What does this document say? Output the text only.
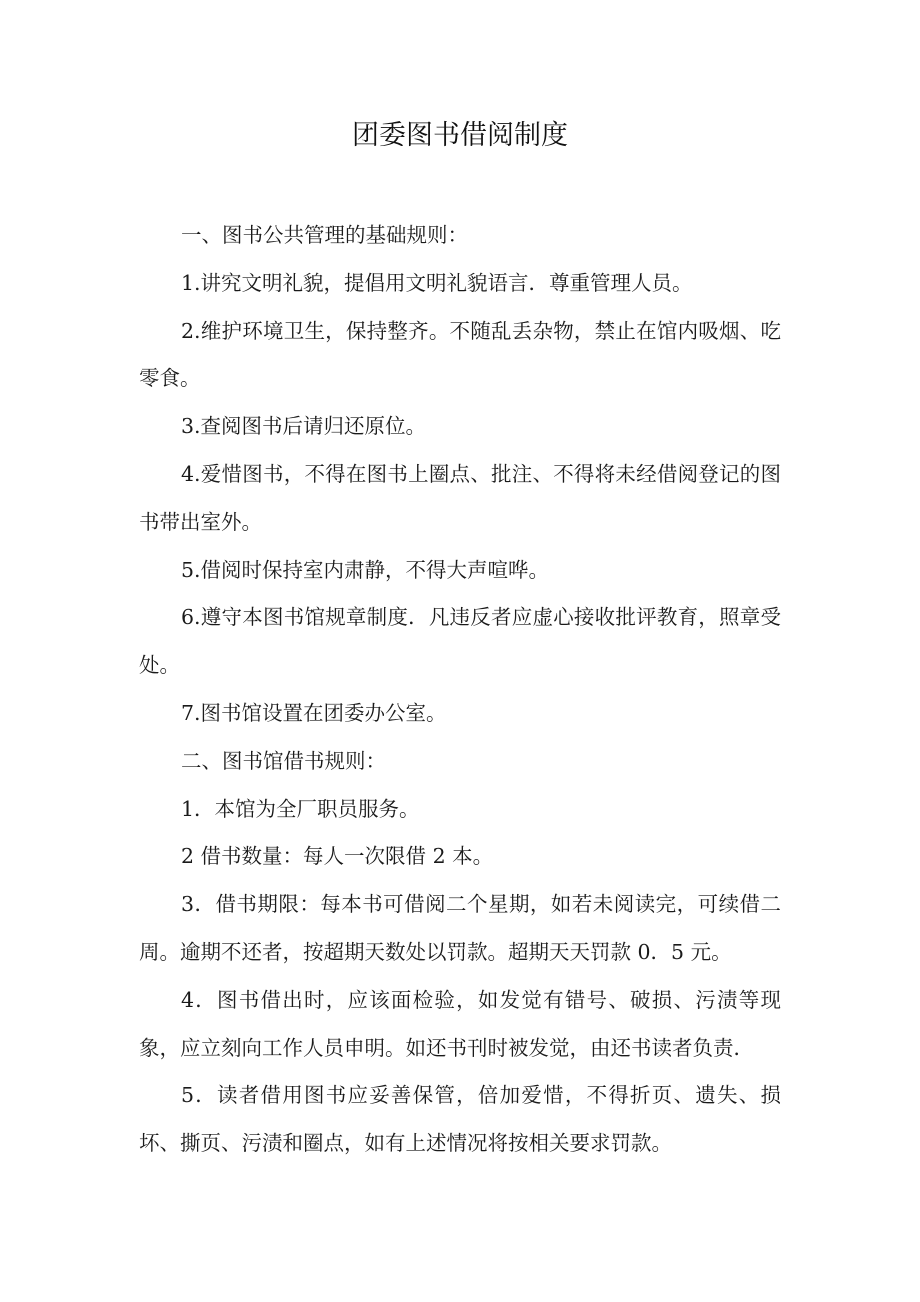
团委图书借阅制度

一、图书公共管理的基础规则：

1.讲究文明礼貌，提倡用文明礼貌语言．尊重管理人员。

2.维护环境卫生，保持整齐。不随乱丢杂物，禁止在馆内吸烟、吃零食。

3.查阅图书后请归还原位。

4.爱惜图书，不得在图书上圈点、批注、不得将未经借阅登记的图书带出室外。

5.借阅时保持室内肃静，不得大声喧哗。

6.遵守本图书馆规章制度．凡违反者应虚心接收批评教育，照章受处。

7.图书馆设置在团委办公室。

二、图书馆借书规则：

1．本馆为全厂职员服务。

2 借书数量：每人一次限借 2 本。

3．借书期限：每本书可借阅二个星期，如若未阅读完，可续借二周。逾期不还者，按超期天数处以罚款。超期天天罚款 0．5 元。

4．图书借出时，应该面检验，如发觉有错号、破损、污渍等现象，应立刻向工作人员申明。如还书刊时被发觉，由还书读者负责．

5．读者借用图书应妥善保管，倍加爱惜，不得折页、遗失、损坏、撕页、污渍和圈点，如有上述情况将按相关要求罚款。
